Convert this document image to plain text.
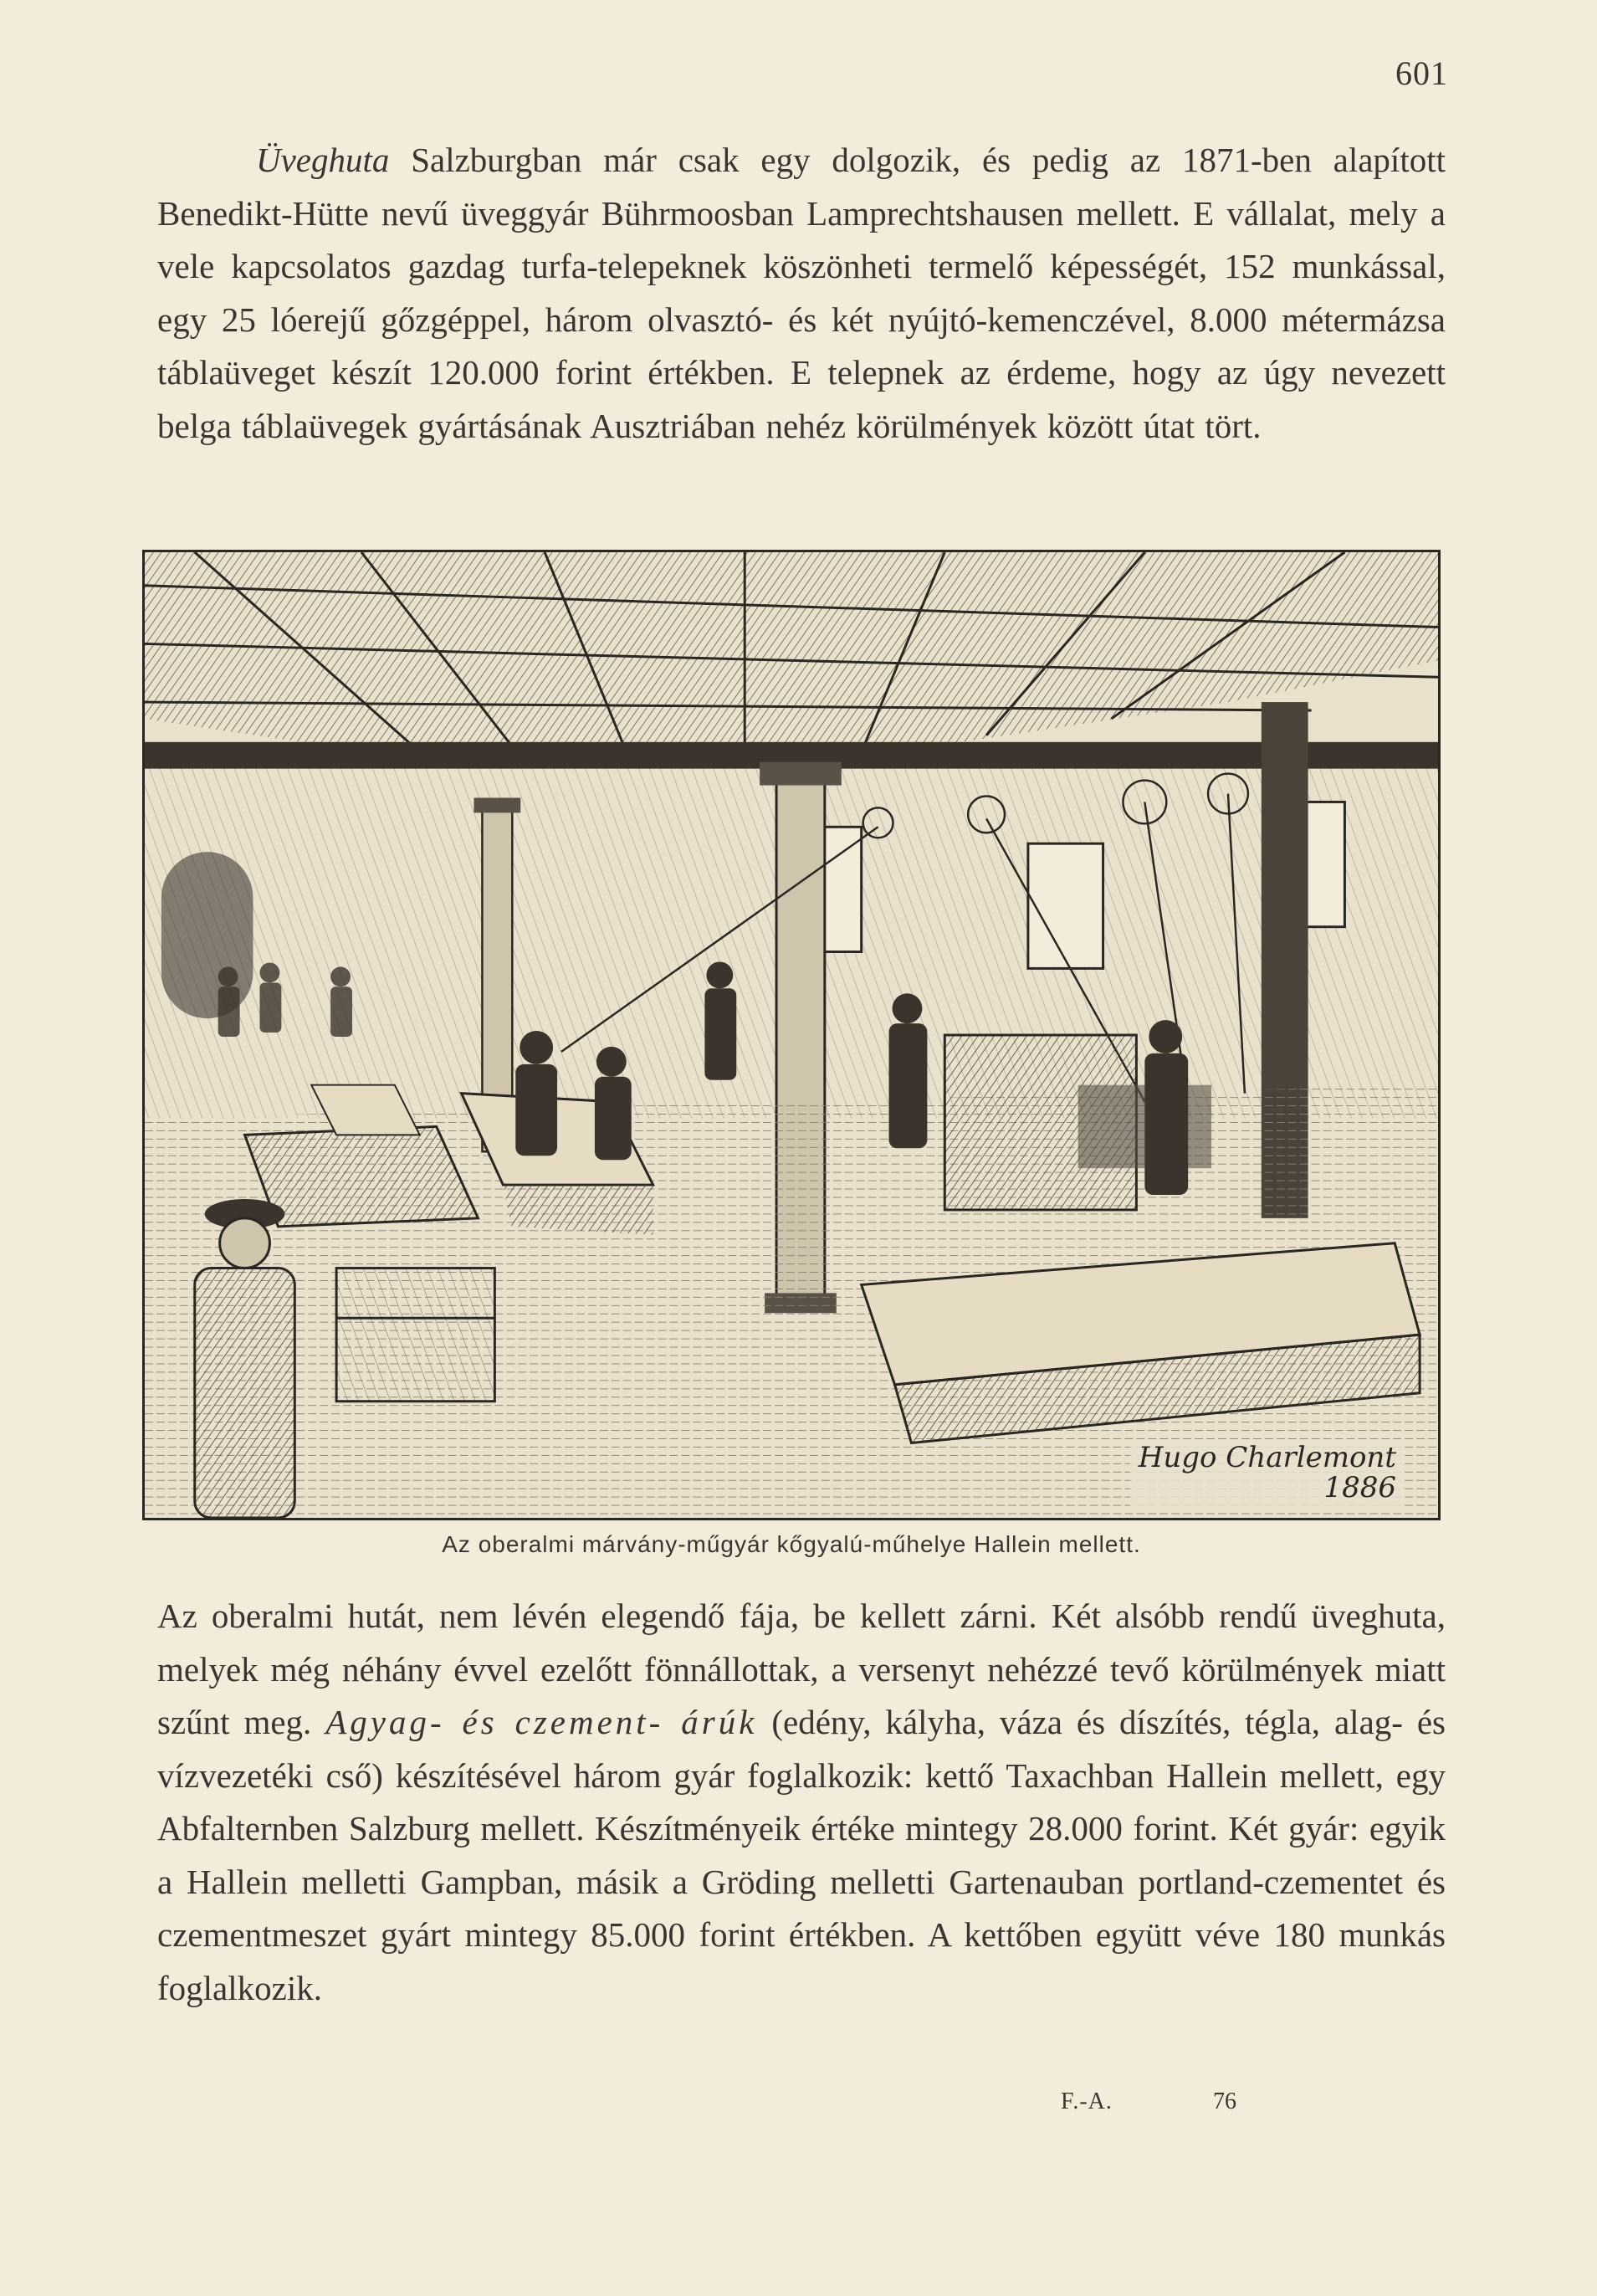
601

Üveghuta Salzburgban már csak egy dolgozik, és pedig az 1871-ben alapított Benedikt-Hütte nevű üveggyár Bührmoosban Lamprechtshausen mellett. E vállalat, mely a vele kapcsolatos gazdag turfa-telepeknek köszönheti termelő képességét, 152 munkással, egy 25 lóerejű gőzgéppel, három olvasztó- és két nyújtó-kemenczével, 8.000 métermázsa táblaüveget készít 120.000 forint értékben. E telepnek az érdeme, hogy az úgy nevezett belga táblaüvegek gyártásának Ausztriában nehéz körülmények között útat tört.

Hugo Charlemont
1886
Az oberalmi márvány-műgyár kőgyalú-műhelye Hallein mellett.

Az oberalmi hutát, nem lévén elegendő fája, be kellett zárni. Két alsóbb rendű üveghuta, melyek még néhány évvel ezelőtt fönnállottak, a versenyt nehézzé tevő körülmények miatt szűnt meg. Agyag- és czement- árúk (edény, kályha, váza és díszítés, tégla, alag- és vízvezetéki cső) készítésével három gyár foglalkozik: kettő Taxachban Hallein mellett, egy Abfalternben Salzburg mellett. Készítményeik értéke mintegy 28.000 forint. Két gyár: egyik a Hallein melletti Gampban, másik a Gröding melletti Gartenauban portland-czementet és czementmeszet gyárt mintegy 85.000 forint értékben. A kettőben együtt véve 180 munkás foglalkozik.

F.-A.	76
